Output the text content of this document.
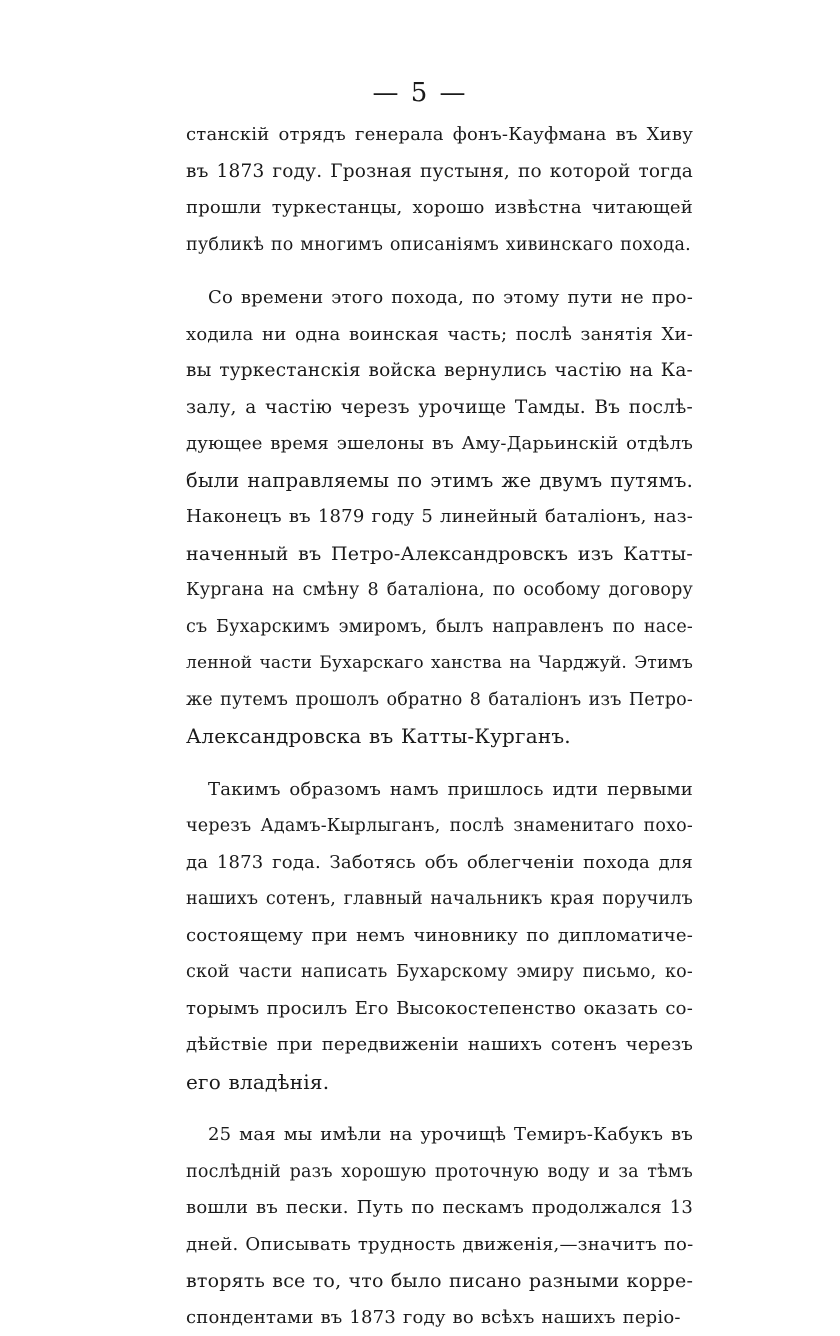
— 5 —
станскій отрядъ генерала фонъ-Кауфмана въ Хиву
въ 1873 году. Грозная пустыня, по которой тогда
прошли туркестанцы, хорошо извѣстна читающей
публикѣ по многимъ описаніямъ хивинскаго похода.
Со времени этого похода, по этому пути не про-
ходила ни одна воинская часть; послѣ занятія Хи-
вы туркестанскія войска вернулись частію на Ка-
залу, а частію черезъ урочище Тамды. Въ послѣ-
дующее время эшелоны въ Аму-Дарьинскій отдѣлъ
были направляемы по этимъ же двумъ путямъ.
Наконецъ въ 1879 году 5 линейный баталіонъ, наз-
наченный въ Петро-Александровскъ изъ Катты-
Кургана на смѣну 8 баталіона, по особому договору
съ Бухарскимъ эмиромъ, былъ направленъ по насе-
ленной части Бухарскаго ханства на Чарджуй. Этимъ
же путемъ прошолъ обратно 8 баталіонъ изъ Петро-
Александровска въ Катты-Курганъ.
Такимъ образомъ намъ пришлось идти первыми
черезъ Адамъ-Кырлыганъ, послѣ знаменитаго похо-
да 1873 года. Заботясь объ облегченіи похода для
нашихъ сотенъ, главный начальникъ края поручилъ
состоящему при немъ чиновнику по дипломатиче-
ской части написать Бухарскому эмиру письмо, ко-
торымъ просилъ Его Высокостепенство оказать со-
дѣйствіе при передвиженіи нашихъ сотенъ черезъ
его владѣнія.
25 мая мы имѣли на урочищѣ Темиръ-Кабукъ въ
послѣдній разъ хорошую проточную воду и за тѣмъ
вошли въ пески. Путь по пескамъ продолжался 13
дней. Описывать трудность движенія,—значитъ по-
вторять все то, что было писано разными корре-
спондентами въ 1873 году во всѣхъ нашихъ періо-
